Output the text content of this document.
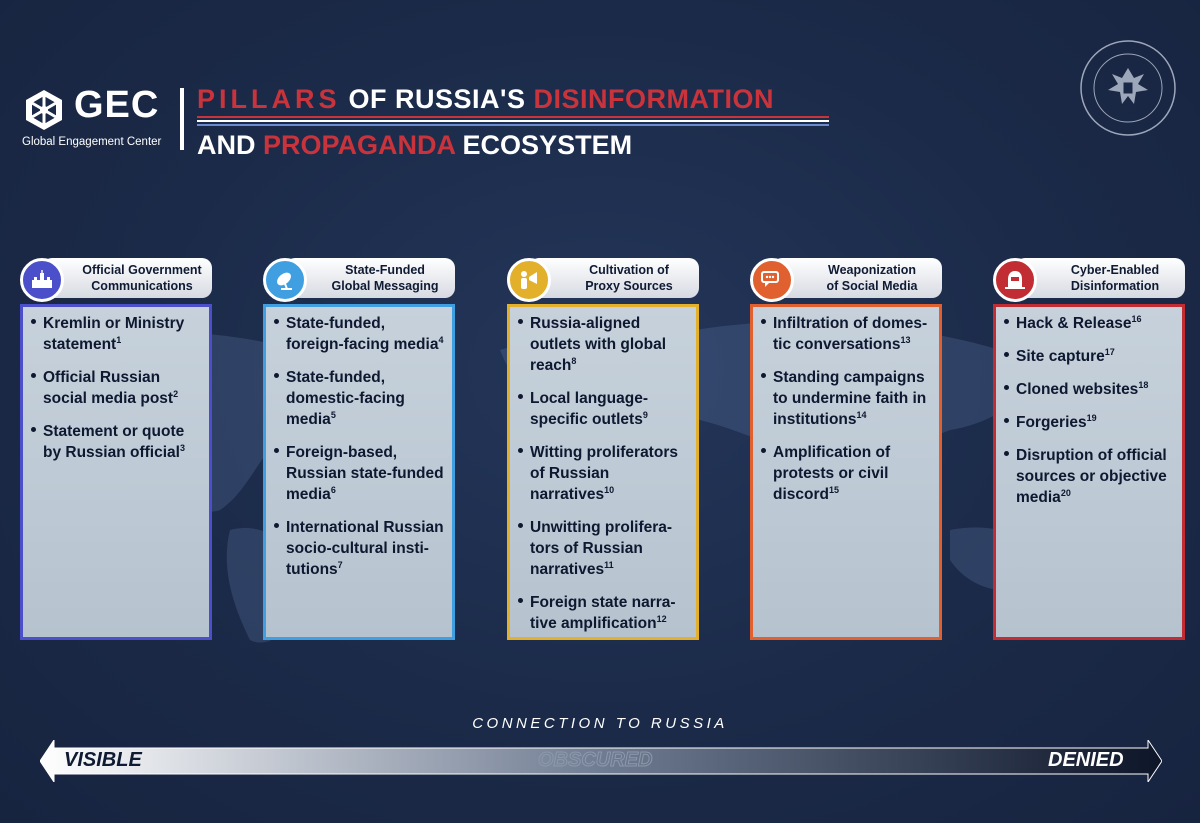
GEC
Global Engagement Center
PILLARS OF RUSSIA'S DISINFORMATION
AND PROPAGANDA ECOSYSTEM
Official Government
Communications
Kremlin or Ministry statement$^1$
Official Russian social media post$^2$
Statement or quote by Russian official$^3$
State-Funded
Global Messaging
State-funded, foreign-facing media$^4$
State-funded, domestic-facing media$^5$
Foreign-based, Russian state-funded media$^6$
International Russian socio-cultural insti-tutions$^7$
Cultivation of
Proxy Sources
Russia-aligned outlets with global reach$^8$
Local language-specific outlets$^9$
Witting proliferators of Russian narratives$^{10}$
Unwitting prolifera-tors of Russian narratives$^{11}$
Foreign state narra-tive amplification$^{12}$
Weaponization
of Social Media
Infiltration of domes-tic conversations$^{13}$
Standing campaigns to undermine faith in institutions$^{14}$
Amplification of protests or civil discord$^{15}$
Cyber-Enabled
Disinformation
Hack & Release$^{16}$
Site capture$^{17}$
Cloned websites$^{18}$
Forgeries$^{19}$
Disruption of official sources or objective media$^{20}$
CONNECTION TO RUSSIA
VISIBLE	OBSCURED	DENIED
